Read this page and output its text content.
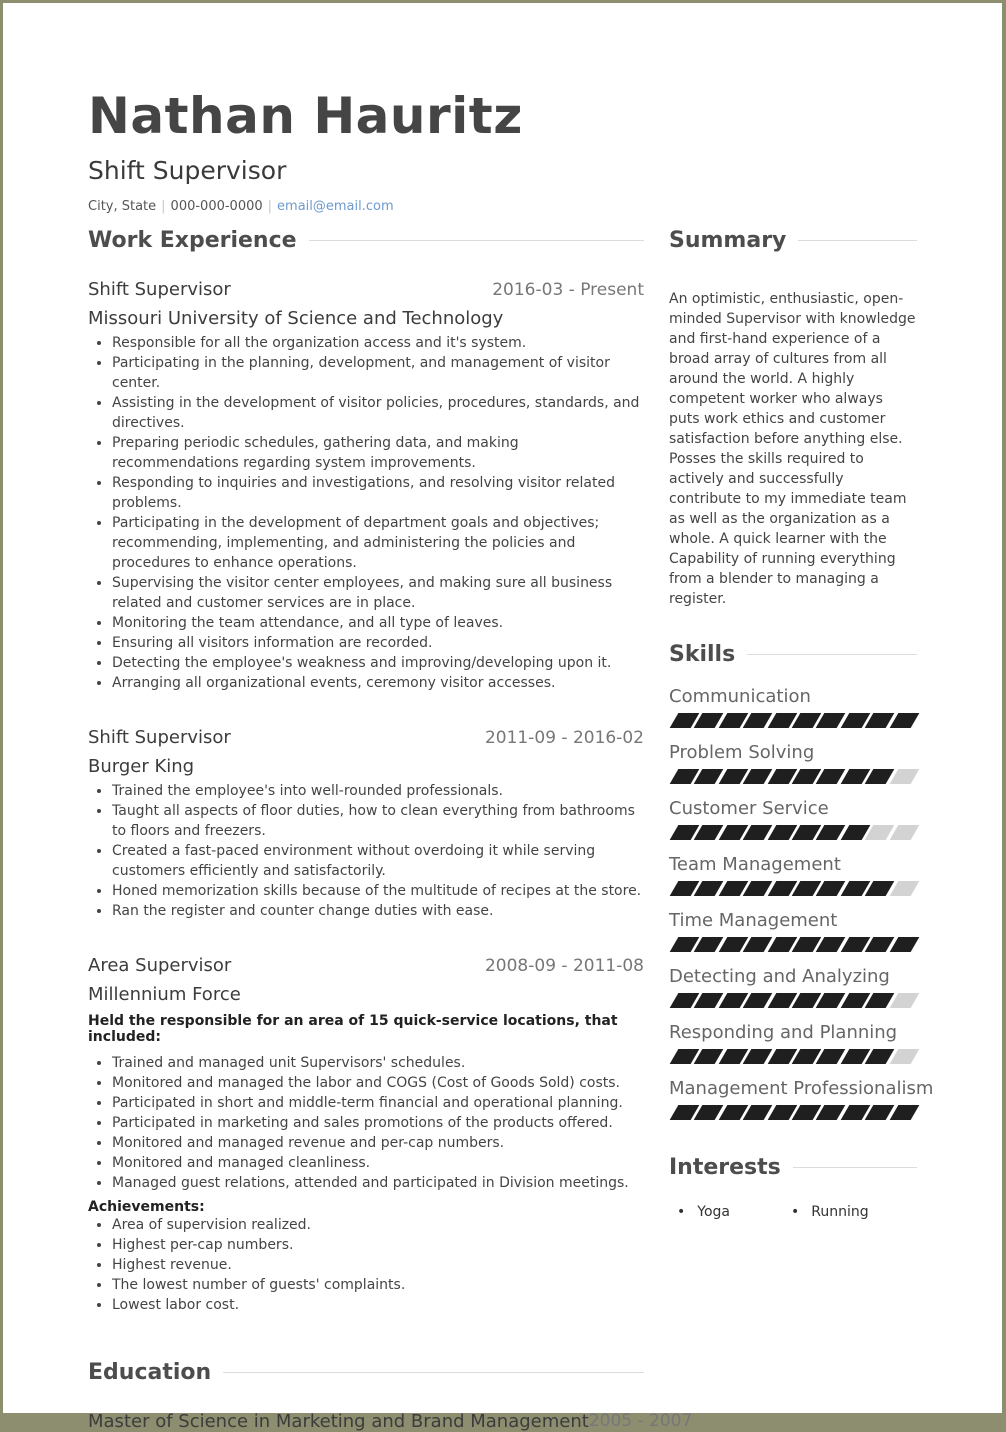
Nathan Hauritz
Shift Supervisor
City, State | 000-000-0000 | email@email.com
Work Experience
Shift Supervisor	2016-03 - Present
Missouri University of Science and Technology
• Responsible for all the organization access and it's system.
• Participating in the planning, development, and management of visitor center.
• Assisting in the development of visitor policies, procedures, standards, and directives.
• Preparing periodic schedules, gathering data, and making recommendations regarding system improvements.
• Responding to inquiries and investigations, and resolving visitor related problems.
• Participating in the development of department goals and objectives; recommending, implementing, and administering the policies and procedures to enhance operations.
• Supervising the visitor center employees, and making sure all business related and customer services are in place.
• Monitoring the team attendance, and all type of leaves.
• Ensuring all visitors information are recorded.
• Detecting the employee's weakness and improving/developing upon it.
• Arranging all organizational events, ceremony visitor accesses.
Shift Supervisor	2011-09 - 2016-02
Burger King
• Trained the employee's into well-rounded professionals.
• Taught all aspects of floor duties, how to clean everything from bathrooms to floors and freezers.
• Created a fast-paced environment without overdoing it while serving customers efficiently and satisfactorily.
• Honed memorization skills because of the multitude of recipes at the store.
• Ran the register and counter change duties with ease.
Area Supervisor	2008-09 - 2011-08
Millennium Force
Held the responsible for an area of 15 quick-service locations, that included:
• Trained and managed unit Supervisors' schedules.
• Monitored and managed the labor and COGS (Cost of Goods Sold) costs.
• Participated in short and middle-term financial and operational planning.
• Participated in marketing and sales promotions of the products offered.
• Monitored and managed revenue and per-cap numbers.
• Monitored and managed cleanliness.
• Managed guest relations, attended and participated in Division meetings.
Achievements:
• Area of supervision realized.
• Highest per-cap numbers.
• Highest revenue.
• The lowest number of guests' complaints.
• Lowest labor cost.
Education
Master of Science in Marketing and Brand Management 2005 - 2007
Summary
An optimistic, enthusiastic, open-minded Supervisor with knowledge and first-hand experience of a broad array of cultures from all around the world. A highly competent worker who always puts work ethics and customer satisfaction before anything else. Posses the skills required to actively and successfully contribute to my immediate team as well as the organization as a whole. A quick learner with the Capability of running everything from a blender to managing a register.
Skills
Communication
Problem Solving
Customer Service
Team Management
Time Management
Detecting and Analyzing
Responding and Planning
Management Professionalism
Interests
• Yoga
•	Running
